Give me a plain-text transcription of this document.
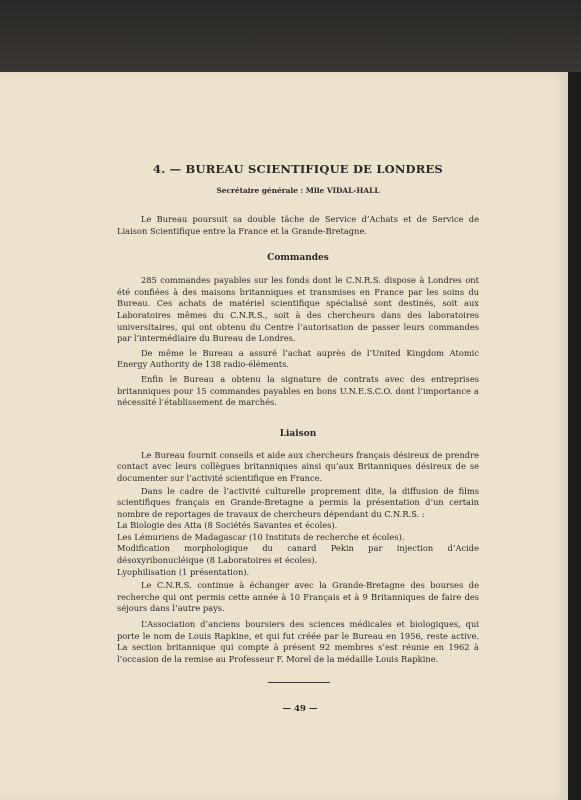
4. — BUREAU SCIENTIFIQUE DE LONDRES
Secrétaire générale : Mlle VIDAL-HALL

Le Bureau poursuit sa double tâche de Service d’Achats et de Service de Liaison Scientifique entre la France et la Grande-Bretagne.

Commandes

285 commandes payables sur les fonds dont le C.N.R.S. dispose à Londres ont été confiées à des maisons britanniques et transmises en France par les soins du Bureau. Ces achats de matériel scientifique spécialisé sont destinés, soit aux Laboratoires mêmes du C.N.R.S., soit à des chercheurs dans des laboratoires universitaires, qui ont obtenu du Centre l’autorisation de passer leurs commandes par l’intermédiaire du Bureau de Londres.

De même le Bureau a assuré l’achat auprès de l’United Kingdom Atomic Energy Authority de 138 radio-éléments.

Enfin le Bureau a obtenu la signature de contrats avec des entreprises britanniques pour 15 commandes payables en bons U.N.E.S.C.O. dont l’importance a nécessité l’établissement de marchés.

Liaison

Le Bureau fournit conseils et aide aux chercheurs français désireux de prendre contact avec leurs collègues britanniques ainsi qu’aux Britanniques désireux de se documenter sur l’activité scientifique en France.

Dans le cadre de l’activité culturelle proprement dite, la diffusion de films scientifiques français en Grande-Bretagne a permis la présentation d’un certain nombre de reportages de travaux de chercheurs dépendant du C.N.R.S. :

La Biologie des Atta (8 Sociétés Savantes et écoles).

Les Lémuriens de Madagascar (10 Instituts de recherche et écoles).

Modification morphologique du canard Pekin par injection d’Acide désoxyribonucléique (8 Laboratoires et écoles).

Lyophilisation (1 présentation).

Le C.N.R.S. continue à échanger avec la Grande-Bretagne des bourses de recherche qui ont permis cette année à 10 Français et à 9 Britanniques de faire des séjours dans l’autre pays.

L’Association d’anciens boursiers des sciences médicales et biologiques, qui porte le nom de Louis Rapkine, et qui fut créée par le Bureau en 1956, reste active. La section britannique qui compte à présent 92 membres s’est réunie en 1962 à l’occasion de la remise au Professeur F. Morel de la médaille Louis Rapkine.

— 49 —
